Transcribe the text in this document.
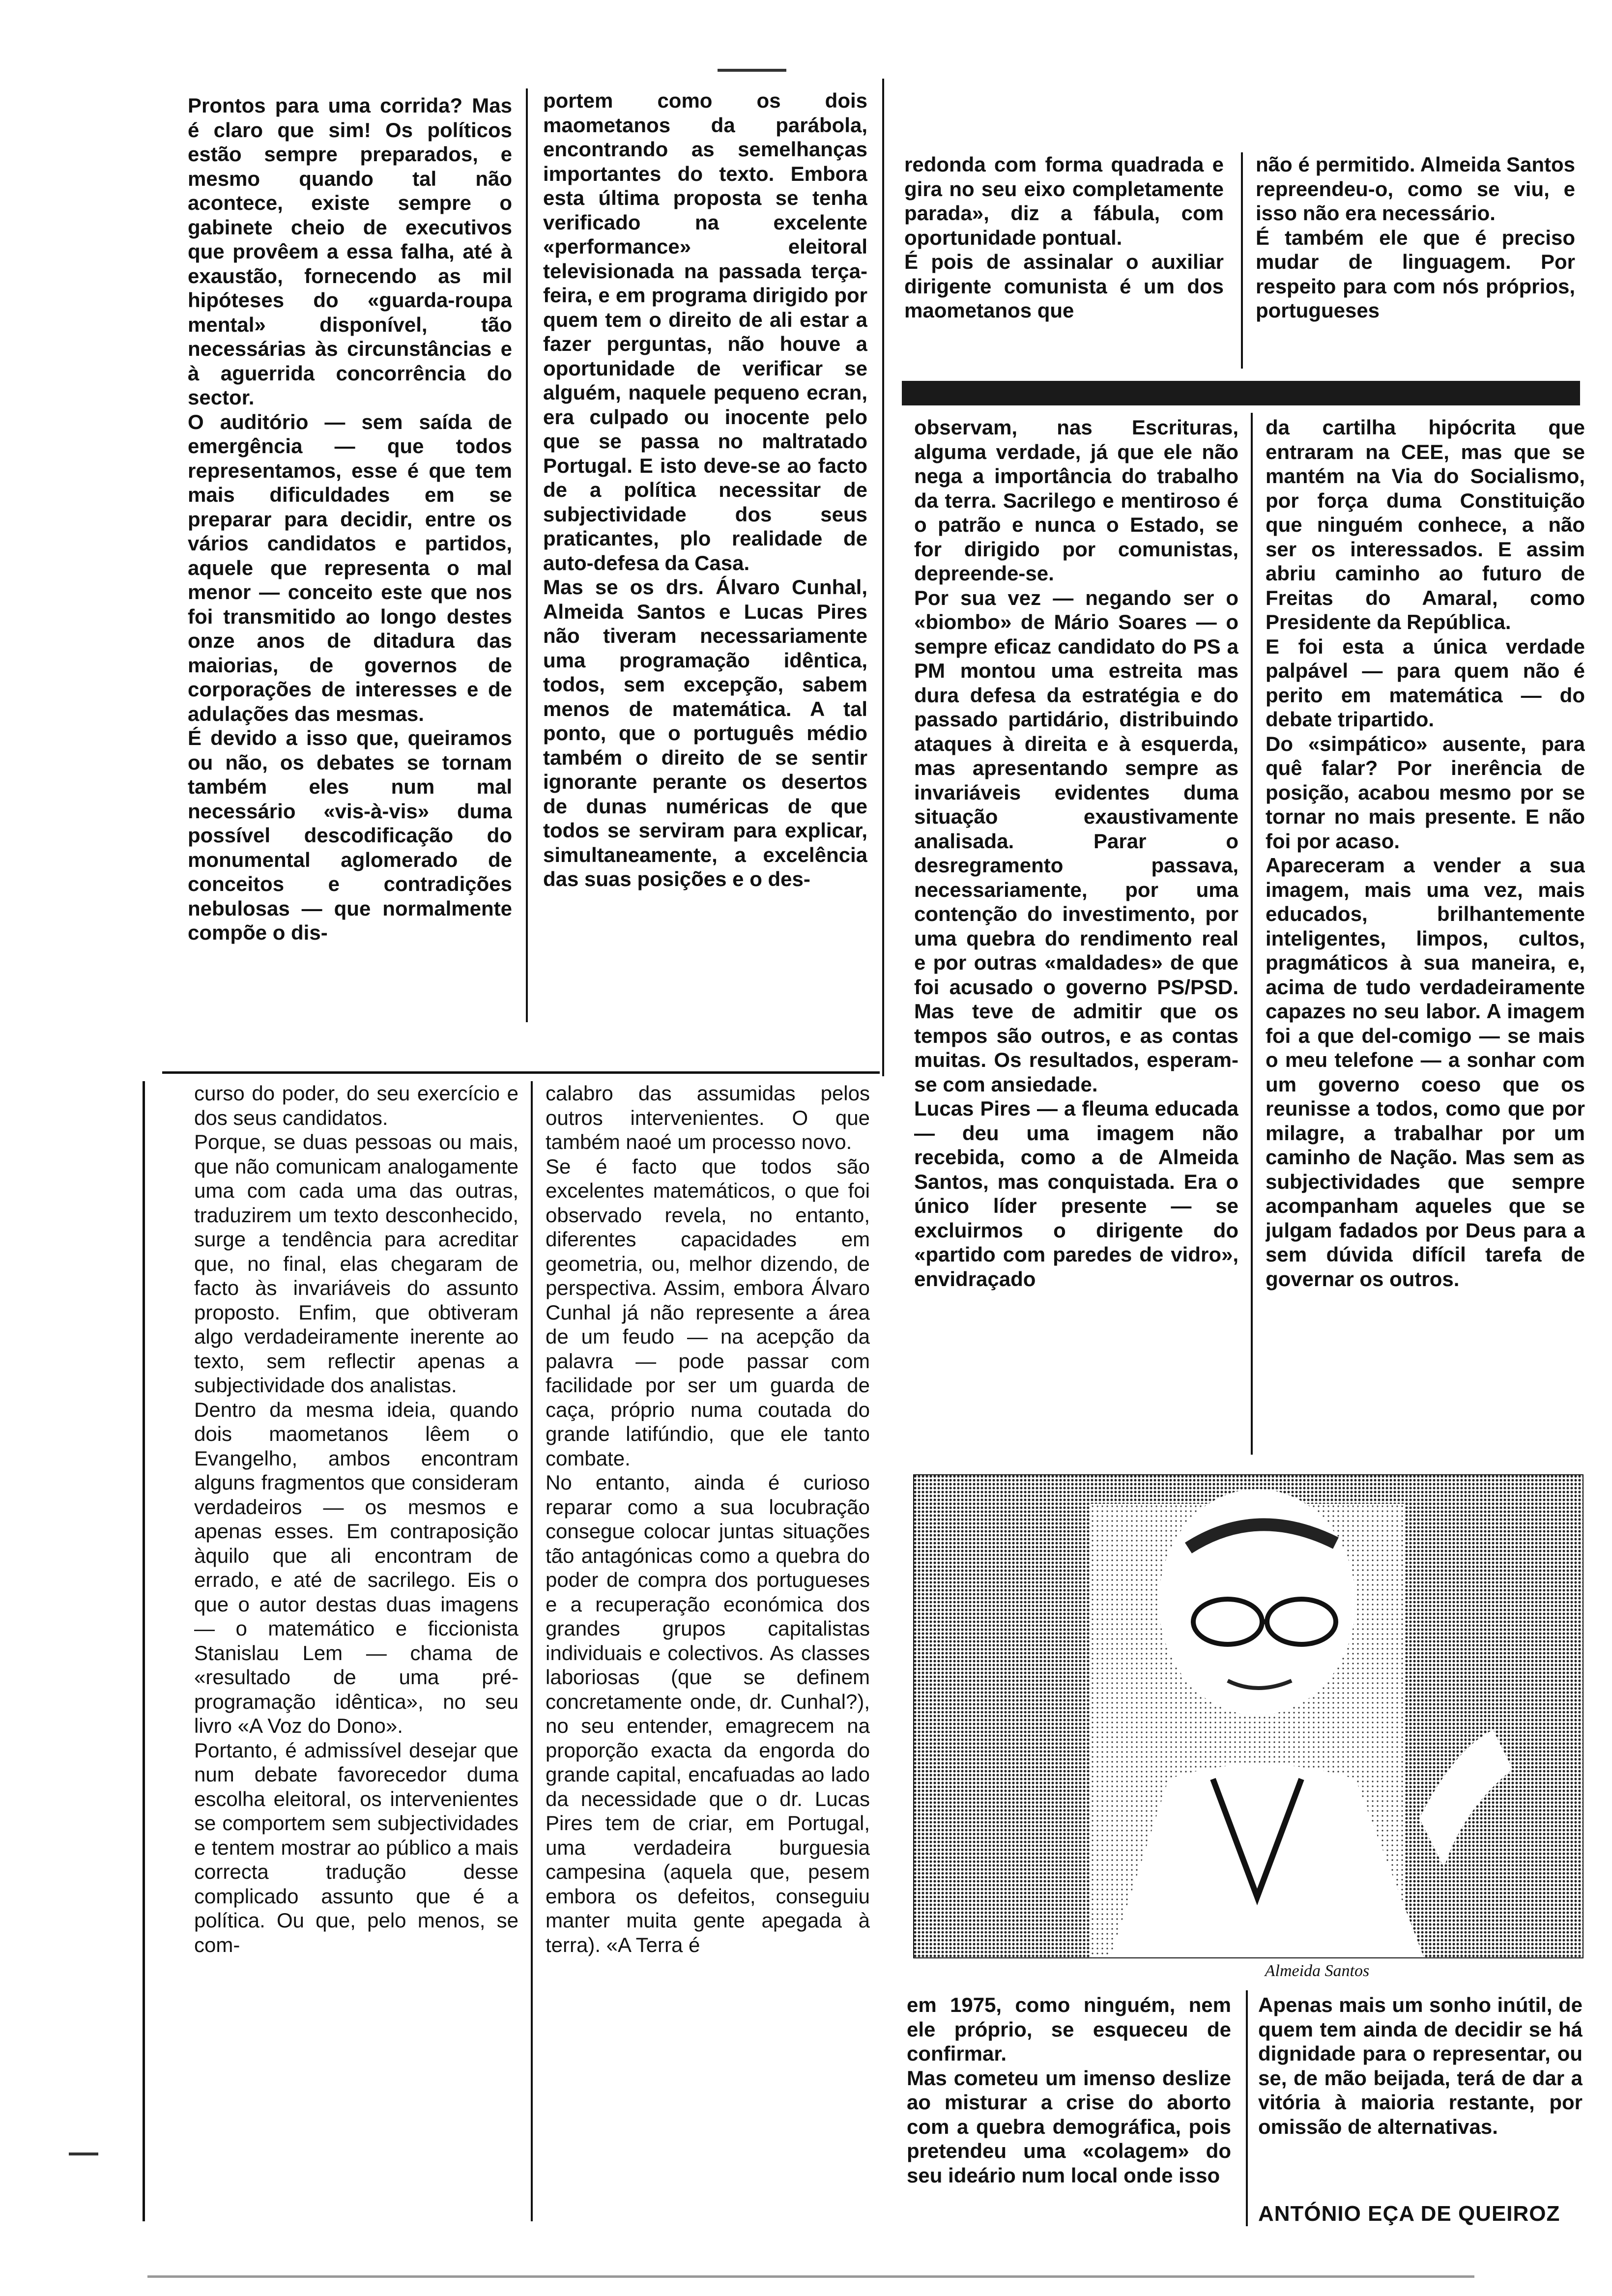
Prontos para uma corrida? Mas é claro que sim! Os políticos estão sempre preparados, e mesmo quando tal não acontece, existe sempre o gabinete cheio de executivos que provêem a essa falha, até à exaustão, fornecendo as mil hipóteses do «guarda-roupa mental» disponível, tão necessárias às circunstâncias e à aguerrida concorrência do sector.
O auditório — sem saída de emergência — que todos representamos, esse é que tem mais dificuldades em se preparar para decidir, entre os vários candidatos e partidos, aquele que representa o mal menor — conceito este que nos foi transmitido ao longo destes onze anos de ditadura das maiorias, de governos de corporações de interesses e de adulações das mesmas.
É devido a isso que, queiramos ou não, os debates se tornam também eles num mal necessário «vis-à-vis» duma possível descodificação do monumental aglomerado de conceitos e contradições nebulosas — que normalmente compõe o dis-
portem como os dois maometanos da parábola, encontrando as semelhanças importantes do texto. Embora esta última proposta se tenha verificado na excelente «performance» eleitoral televisionada na passada terça-feira, e em programa dirigido por quem tem o direito de ali estar a fazer perguntas, não houve a oportunidade de verificar se alguém, naquele pequeno ecran, era culpado ou inocente pelo que se passa no maltratado Portugal. E isto deve-se ao facto de a política necessitar de subjectividade dos seus praticantes, plo realidade de auto-defesa da Casa.
Mas se os drs. Álvaro Cunhal, Almeida Santos e Lucas Pires não tiveram necessariamente uma programação idêntica, todos, sem excepção, sabem menos de matemática. A tal ponto, que o português médio também o direito de se sentir ignorante perante os desertos de dunas numéricas de que todos se serviram para explicar, simultaneamente, a excelência das suas posições e o des-
redonda com forma quadrada e gira no seu eixo completamente parada», diz a fábula, com oportunidade pontual.
É pois de assinalar o auxiliar dirigente comunista é um dos maometanos que
não é permitido. Almeida Santos repreendeu-o, como se viu, e isso não era necessário.
É também ele que é preciso mudar de linguagem. Por respeito para com nós próprios, portugueses
observam, nas Escrituras, alguma verdade, já que ele não nega a importância do trabalho da terra. Sacrilego e mentiroso é o patrão e nunca o Estado, se for dirigido por comunistas, depreende-se.
Por sua vez — negando ser o «biombo» de Mário Soares — o sempre eficaz candidato do PS a PM montou uma estreita mas dura defesa da estratégia e do passado partidário, distribuindo ataques à direita e à esquerda, mas apresentando sempre as invariáveis evidentes duma situação exaustivamente analisada. Parar o desregramento passava, necessariamente, por uma contenção do investimento, por uma quebra do rendimento real e por outras «maldades» de que foi acusado o governo PS/PSD. Mas teve de admitir que os tempos são outros, e as contas muitas. Os resultados, esperam-se com ansiedade.
Lucas Pires — a fleuma educada — deu uma imagem não recebida, como a de Almeida Santos, mas conquistada. Era o único líder presente — se excluirmos o dirigente do «partido com paredes de vidro», envidraçado
da cartilha hipócrita que entraram na CEE, mas que se mantém na Via do Socialismo, por força duma Constituição que ninguém conhece, a não ser os interessados. E assim abriu caminho ao futuro de Freitas do Amaral, como Presidente da República.
E foi esta a única verdade palpável — para quem não é perito em matemática — do debate tripartido.
Do «simpático» ausente, para quê falar? Por inerência de posição, acabou mesmo por se tornar no mais presente. E não foi por acaso.
Apareceram a vender a sua imagem, mais uma vez, mais educados, brilhantemente inteligentes, limpos, cultos, pragmáticos à sua maneira, e, acima de tudo verdadeiramente capazes no seu labor. A imagem foi a que del-comigo — se mais o meu telefone — a sonhar com um governo coeso que os reunisse a todos, como que por milagre, a trabalhar por um caminho de Nação. Mas sem as subjectividades que sempre acompanham aqueles que se julgam fadados por Deus para a sem dúvida difícil tarefa de governar os outros.
curso do poder, do seu exercício e dos seus candidatos.
Porque, se duas pessoas ou mais, que não comunicam analogamente uma com cada uma das outras, traduzirem um texto desconhecido, surge a tendência para acreditar que, no final, elas chegaram de facto às invariáveis do assunto proposto. Enfim, que obtiveram algo verdadeiramente inerente ao texto, sem reflectir apenas a subjectividade dos analistas.
Dentro da mesma ideia, quando dois maometanos lêem o Evangelho, ambos encontram alguns fragmentos que consideram verdadeiros — os mesmos e apenas esses. Em contraposição àquilo que ali encontram de errado, e até de sacrilego. Eis o que o autor destas duas imagens — o matemático e ficcionista Stanislau Lem — chama de «resultado de uma pré-programação idêntica», no seu livro «A Voz do Dono».
Portanto, é admissível desejar que num debate favorecedor duma escolha eleitoral, os intervenientes se comportem sem subjectividades e tentem mostrar ao público a mais correcta tradução desse complicado assunto que é a política. Ou que, pelo menos, se com-
calabro das assumidas pelos outros intervenientes. O que também naoé um processo novo.
Se é facto que todos são excelentes matemáticos, o que foi observado revela, no entanto, diferentes capacidades em geometria, ou, melhor dizendo, de perspectiva. Assim, embora Álvaro Cunhal já não represente a área de um feudo — na acepção da palavra — pode passar com facilidade por ser um guarda de caça, próprio numa coutada do grande latifúndio, que ele tanto combate.
No entanto, ainda é curioso reparar como a sua locubração consegue colocar juntas situações tão antagónicas como a quebra do poder de compra dos portugueses e a recuperação económica dos grandes grupos capitalistas individuais e colectivos. As classes laboriosas (que se definem concretamente onde, dr. Cunhal?), no seu entender, emagrecem na proporção exacta da engorda do grande capital, encafuadas ao lado da necessidade que o dr. Lucas Pires tem de criar, em Portugal, uma verdadeira burguesia campesina (aquela que, pesem embora os defeitos, conseguiu manter muita gente apegada à terra). «A Terra é
Almeida Santos
em 1975, como ninguém, nem ele próprio, se esqueceu de confirmar.
Mas cometeu um imenso deslize ao misturar a crise do aborto com a quebra demográfica, pois pretendeu uma «colagem» do seu ideário num local onde isso
Apenas mais um sonho inútil, de quem tem ainda de decidir se há dignidade para o representar, ou se, de mão beijada, terá de dar a vitória à maioria restante, por omissão de alternativas.
ANTÓNIO EÇA DE QUEIROZ
